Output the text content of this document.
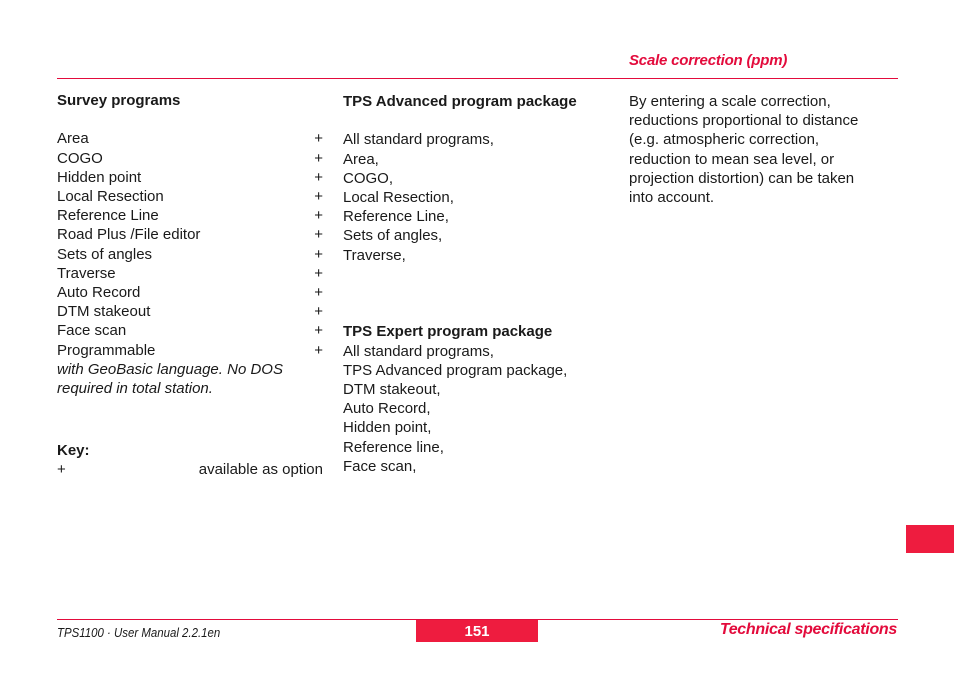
Scale correction (ppm)
Survey programs
Area	+
COGO	+
Hidden point	+
Local Resection	+
Reference Line	+
Road Plus /File editor	+
Sets of angles	+
Traverse	+
Auto Record	+
DTM stakeout	+
Face scan	+
Programmable	+
with GeoBasic language. No DOS
required in total station.
Key:
+	available as option
TPS Advanced program package
All standard programs,
Area,
COGO,
Local Resection,
Reference Line,
Sets of angles,
Traverse,
TPS Expert program package
All standard programs,
TPS Advanced program package,
DTM stakeout,
Auto Record,
Hidden point,
Reference line,
Face scan,
By entering a scale correction,
reductions proportional to distance
(e.g. atmospheric correction,
reduction to mean sea level, or
projection distortion) can be taken
into account.
TPS1100 · User Manual 2.2.1en	151	Technical specifications
